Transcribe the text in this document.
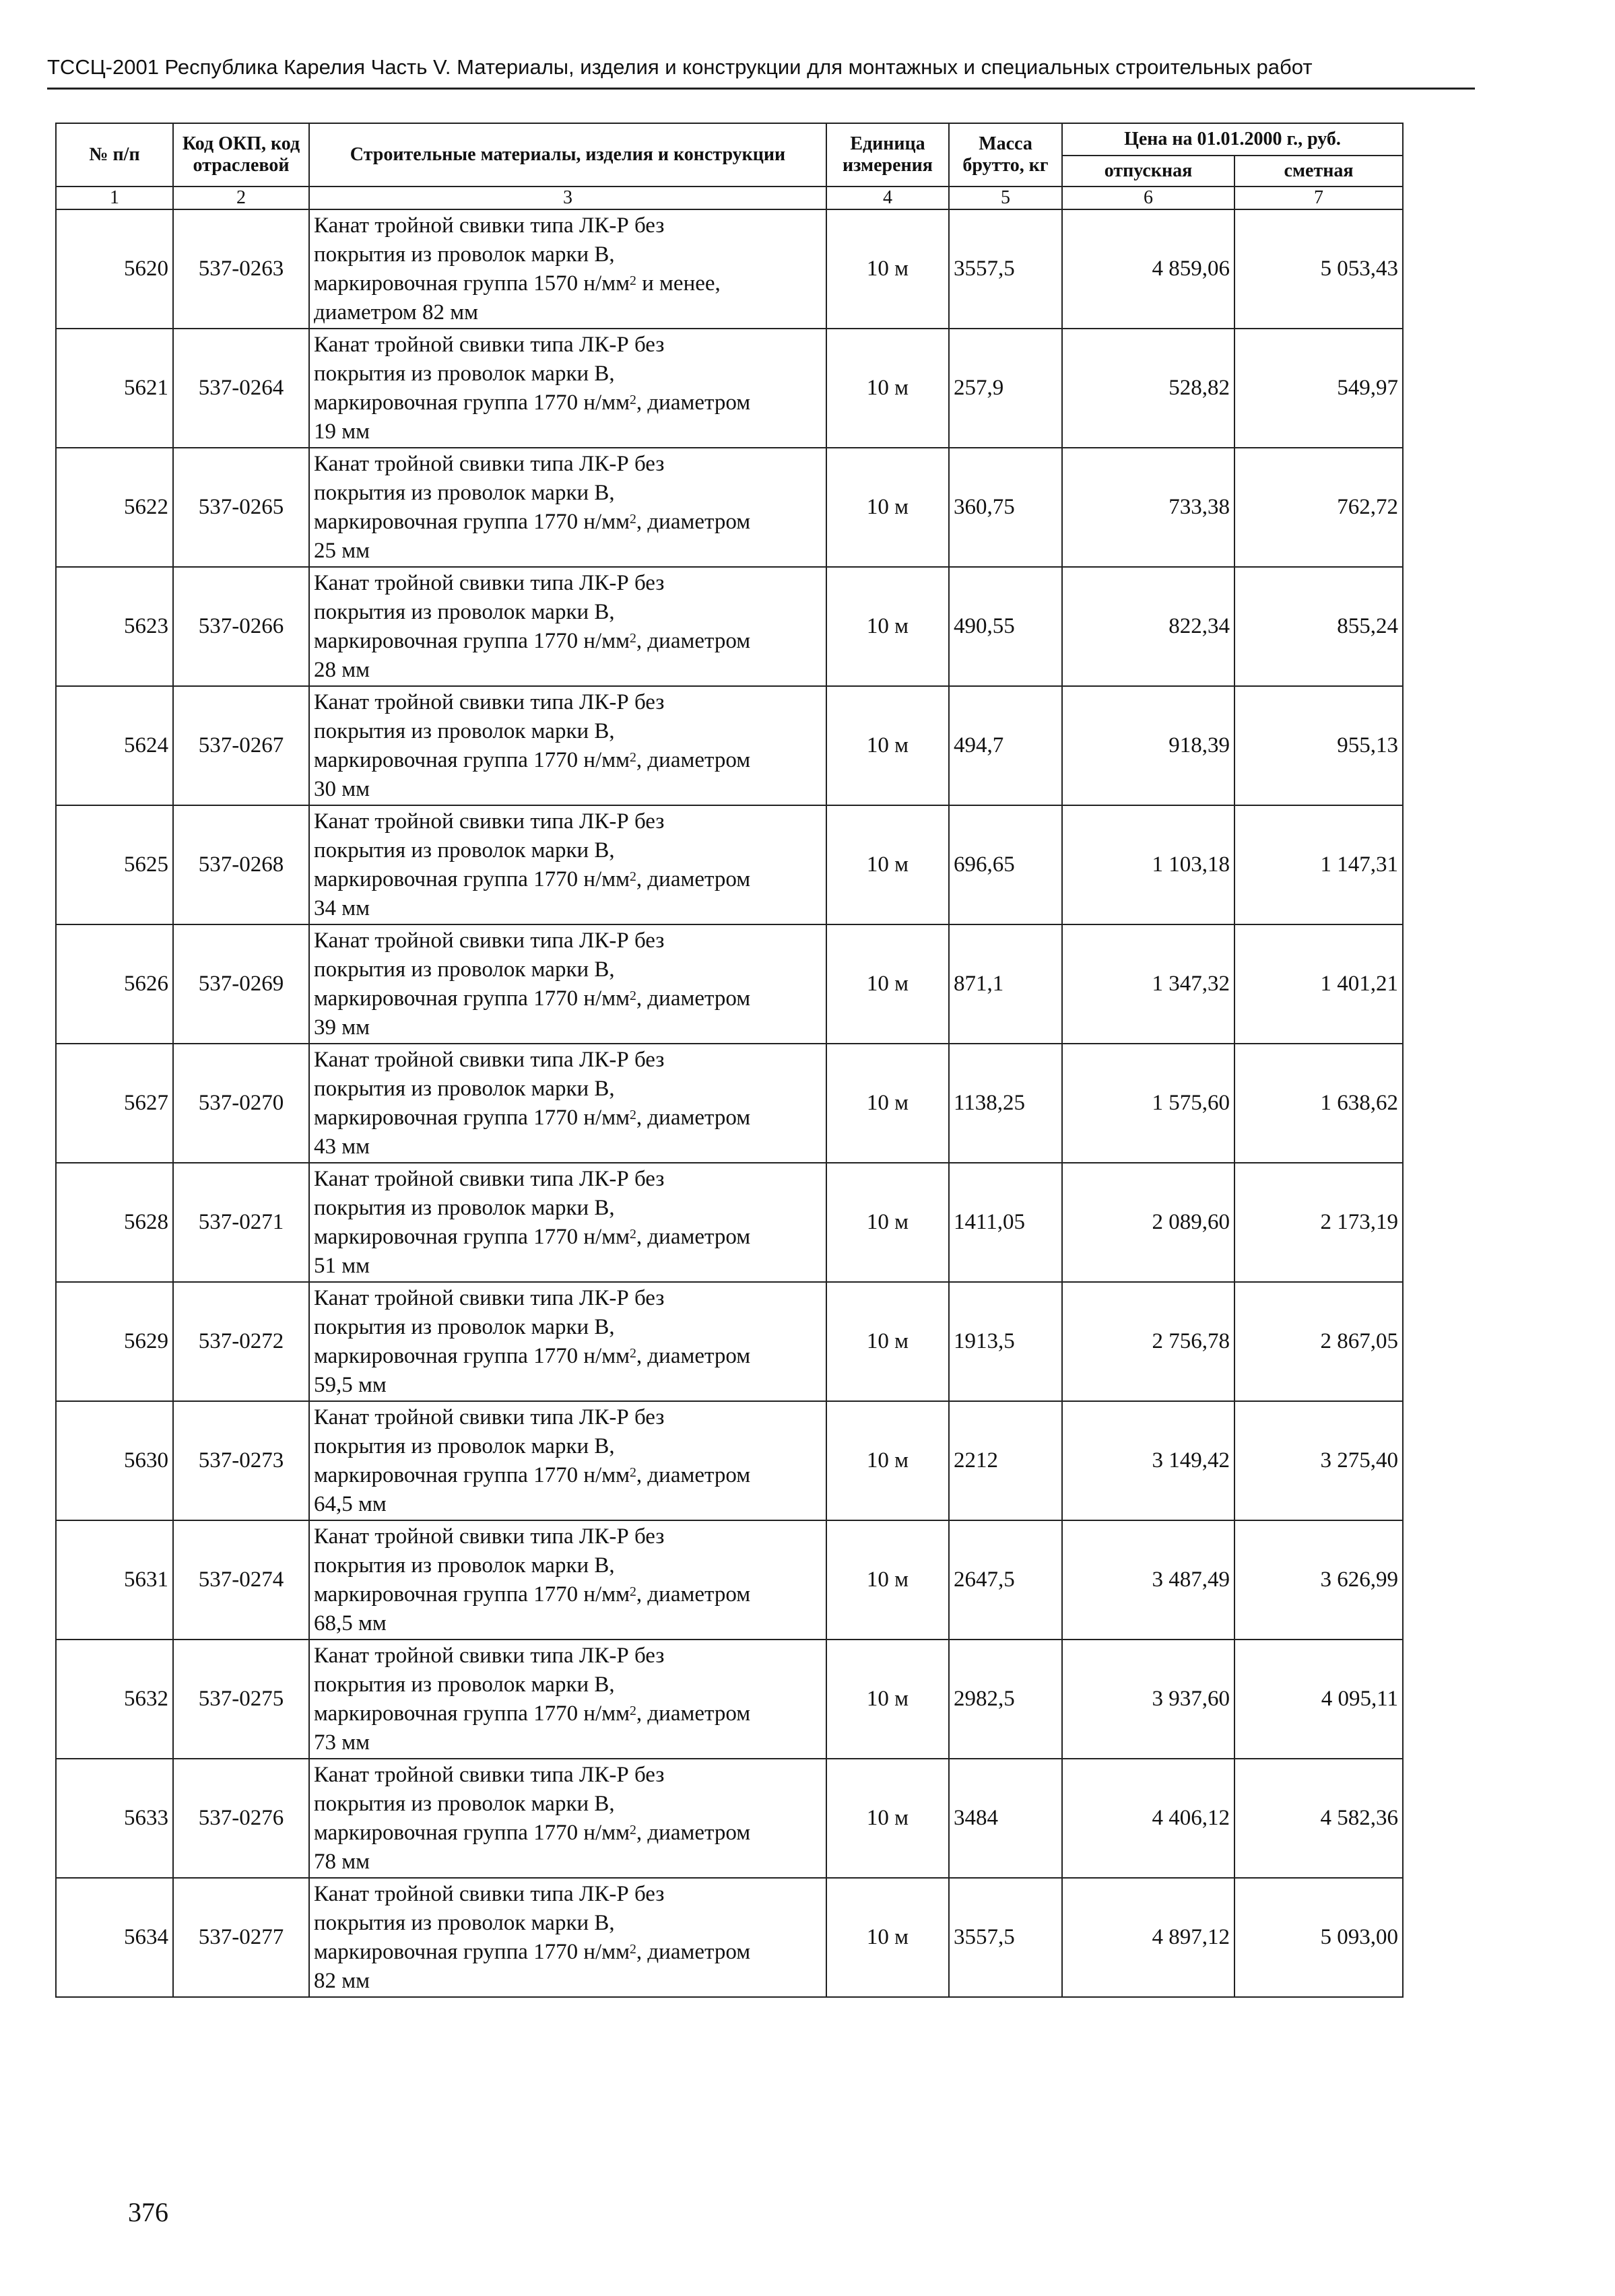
ТССЦ-2001 Республика Карелия Часть V. Материалы, изделия и конструкции для монтажных и специальных строительных работ
№ п/п	Код ОКП, код отраслевой	Строительные материалы, изделия и конструкции	Единица измерения	Масса брутто, кг	Цена на 01.01.2000 г., руб.	
					отпускная	сметная
1	2	3	4	5	6	7
5620	537-0263	Канат тройной свивки типа ЛК-Р без
покрытия из проволок марки В,
маркировочная группа 1570 $н/мм^2$ и менее,
диаметром 82 мм	10 м	3557,5	4 859,06	5 053,43
5621	537-0264	Канат тройной свивки типа ЛК-Р без
покрытия из проволок марки В,
маркировочная группа 1770 $н/мм^2$, диаметром
19 мм	10 м	257,9	528,82	549,97
5622	537-0265	Канат тройной свивки типа ЛК-Р без
покрытия из проволок марки В,
маркировочная группа 1770 $н/мм^2$, диаметром
25 мм	10 м	360,75	733,38	762,72
5623	537-0266	Канат тройной свивки типа ЛК-Р без
покрытия из проволок марки В,
маркировочная группа 1770 $н/мм^2$, диаметром
28 мм	10 м	490,55	822,34	855,24
5624	537-0267	Канат тройной свивки типа ЛК-Р без
покрытия из проволок марки В,
маркировочная группа 1770 $н/мм^2$, диаметром
30 мм	10 м	494,7	918,39	955,13
5625	537-0268	Канат тройной свивки типа ЛК-Р без
покрытия из проволок марки В,
маркировочная группа 1770 $н/мм^2$, диаметром
34 мм	10 м	696,65	1 103,18	1 147,31
5626	537-0269	Канат тройной свивки типа ЛК-Р без
покрытия из проволок марки В,
маркировочная группа 1770 $н/мм^2$, диаметром
39 мм	10 м	871,1	1 347,32	1 401,21
5627	537-0270	Канат тройной свивки типа ЛК-Р без
покрытия из проволок марки В,
маркировочная группа 1770 $н/мм^2$, диаметром
43 мм	10 м	1138,25	1 575,60	1 638,62
5628	537-0271	Канат тройной свивки типа ЛК-Р без
покрытия из проволок марки В,
маркировочная группа 1770 $н/мм^2$, диаметром
51 мм	10 м	1411,05	2 089,60	2 173,19
5629	537-0272	Канат тройной свивки типа ЛК-Р без
покрытия из проволок марки В,
маркировочная группа 1770 $н/мм^2$, диаметром
59,5 мм	10 м	1913,5	2 756,78	2 867,05
5630	537-0273	Канат тройной свивки типа ЛК-Р без
покрытия из проволок марки В,
маркировочная группа 1770 $н/мм^2$, диаметром
64,5 мм	10 м	2212	3 149,42	3 275,40
5631	537-0274	Канат тройной свивки типа ЛК-Р без
покрытия из проволок марки В,
маркировочная группа 1770 $н/мм^2$, диаметром
68,5 мм	10 м	2647,5	3 487,49	3 626,99
5632	537-0275	Канат тройной свивки типа ЛК-Р без
покрытия из проволок марки В,
маркировочная группа 1770 $н/мм^2$, диаметром
73 мм	10 м	2982,5	3 937,60	4 095,11
5633	537-0276	Канат тройной свивки типа ЛК-Р без
покрытия из проволок марки В,
маркировочная группа 1770 $н/мм^2$, диаметром
78 мм	10 м	3484	4 406,12	4 582,36
5634	537-0277	Канат тройной свивки типа ЛК-Р без
покрытия из проволок марки В,
маркировочная группа 1770 $н/мм^2$, диаметром
82 мм	10 м	3557,5	4 897,12	5 093,00
376
